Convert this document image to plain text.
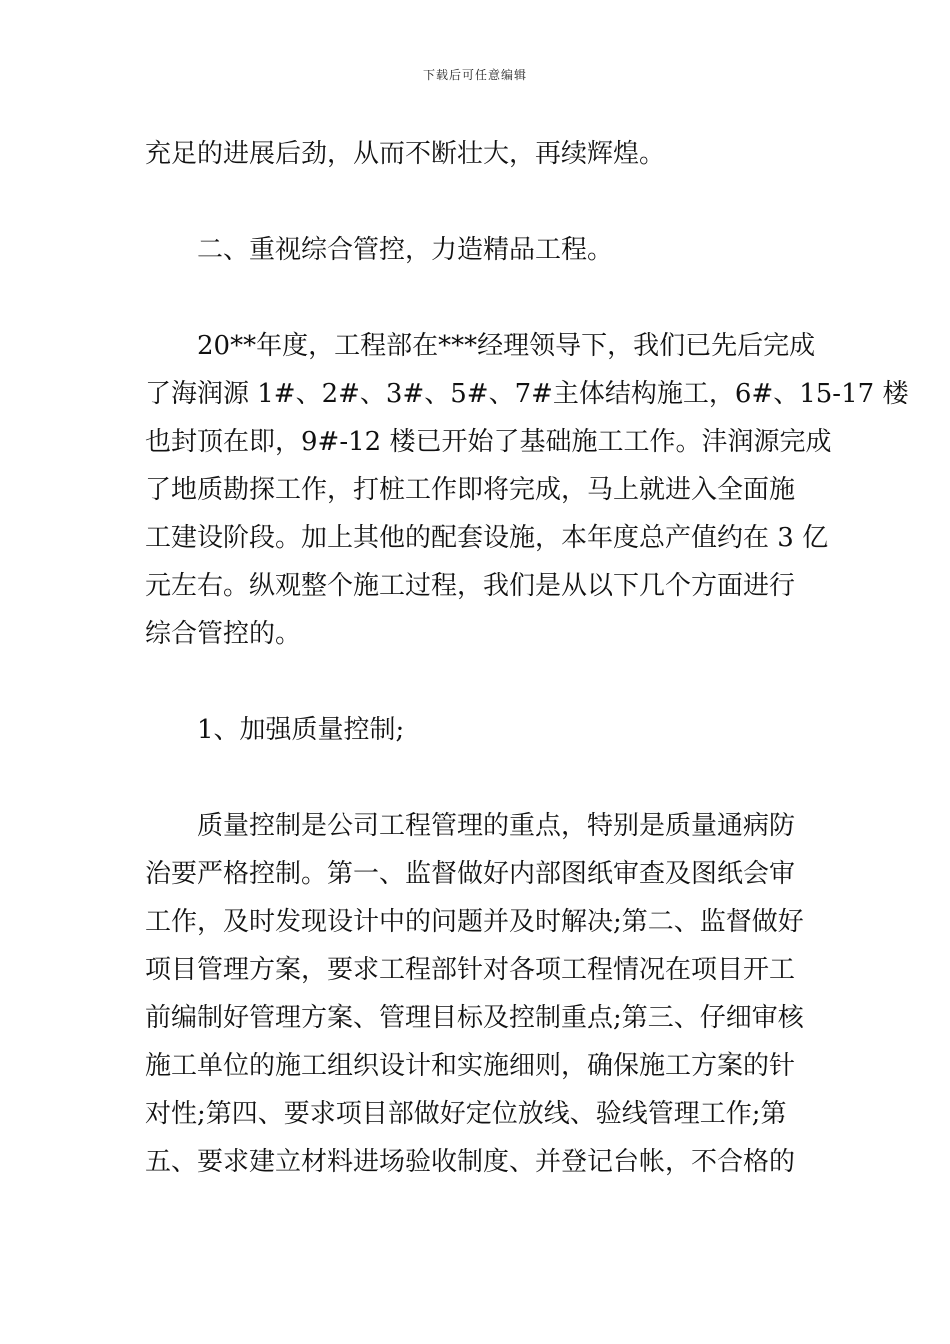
下载后可任意编辑
充足的进展后劲，从而不断壮大，再续辉煌。
二、重视综合管控，力造精品工程。
20**年度，工程部在***经理领导下，我们已先后完成
了海润源 1#、2#、3#、5#、7#主体结构施工，6#、15-17 楼
也封顶在即，9#-12 楼已开始了基础施工工作。沣润源完成
了地质勘探工作，打桩工作即将完成，马上就进入全面施
工建设阶段。加上其他的配套设施，本年度总产值约在 3 亿
元左右。纵观整个施工过程，我们是从以下几个方面进行
综合管控的。
1、加强质量控制;
质量控制是公司工程管理的重点，特别是质量通病防
治要严格控制。第一、监督做好内部图纸审查及图纸会审
工作，及时发现设计中的问题并及时解决;第二、监督做好
项目管理方案，要求工程部针对各项工程情况在项目开工
前编制好管理方案、管理目标及控制重点;第三、仔细审核
施工单位的施工组织设计和实施细则，确保施工方案的针
对性;第四、要求项目部做好定位放线、验线管理工作;第
五、要求建立材料进场验收制度、并登记台帐，不合格的
